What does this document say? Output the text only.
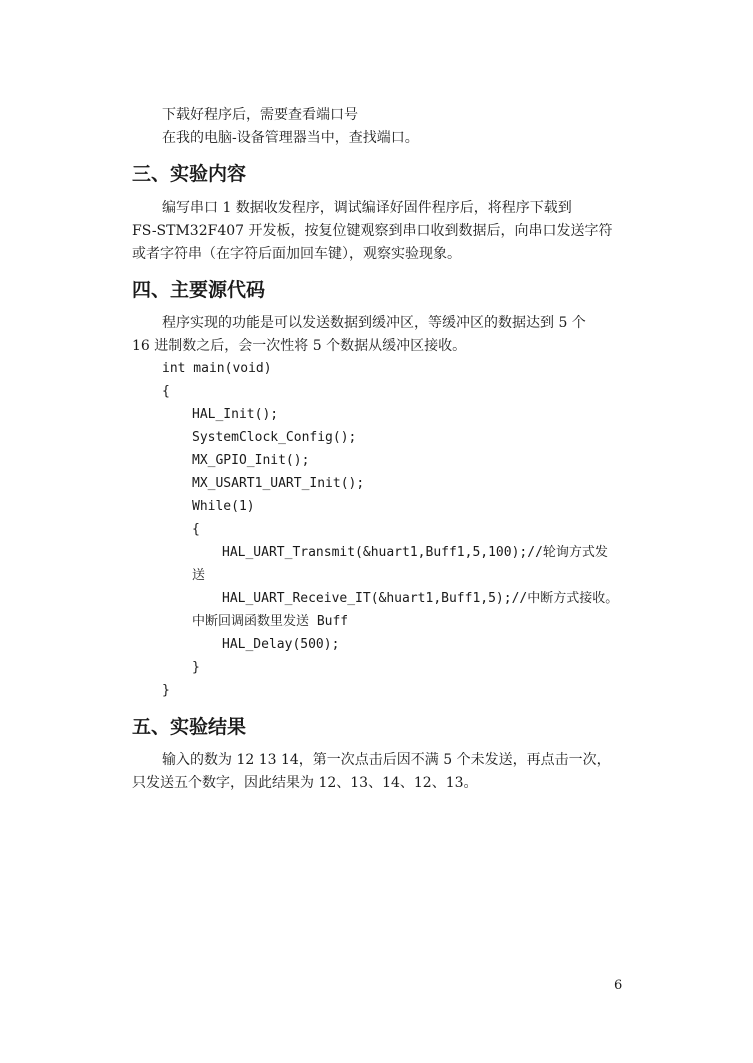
下载好程序后，需要查看端口号
在我的电脑-设备管理器当中，查找端口。
三、实验内容
编写串口 1 数据收发程序，调试编译好固件程序后，将程序下载到
FS-STM32F407 开发板，按复位键观察到串口收到数据后，向串口发送字符
或者字符串（在字符后面加回车键），观察实验现象。
四、主要源代码
程序实现的功能是可以发送数据到缓冲区，等缓冲区的数据达到 5 个
16 进制数之后，会一次性将 5 个数据从缓冲区接收。
int main(void)
{
HAL_Init();
SystemClock_Config();
MX_GPIO_Init();
MX_USART1_UART_Init();
While(1)
{
HAL_UART_Transmit(&huart1,Buff1,5,100);//轮询方式发
送
HAL_UART_Receive_IT(&huart1,Buff1,5);//中断方式接收。
中断回调函数里发送 Buff
HAL_Delay(500);
}
}
五、实验结果
输入的数为 12 13 14，第一次点击后因不满 5 个未发送，再点击一次，
只发送五个数字，因此结果为 12、13、14、12、13。
6
